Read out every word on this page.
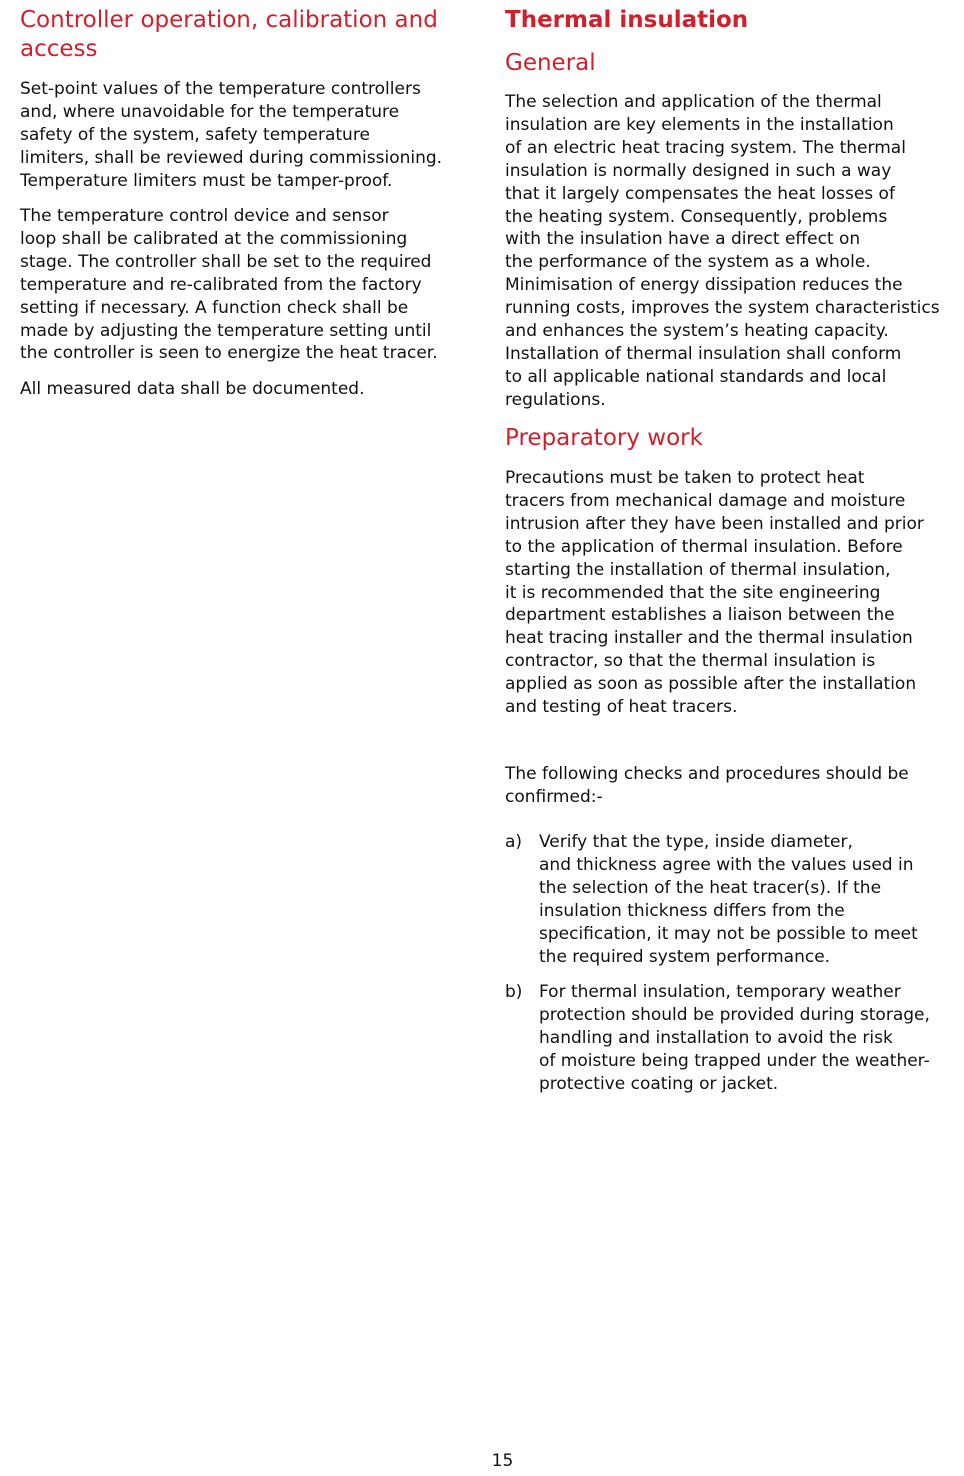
Controller operation, calibration and access

Set-point values of the temperature controllers
and, where unavoidable for the temperature
safety of the system, safety temperature
limiters, shall be reviewed during commissioning.
Temperature limiters must be tamper-proof.

The temperature control device and sensor
loop shall be calibrated at the commissioning
stage. The controller shall be set to the required
temperature and re-calibrated from the factory
setting if necessary. A function check shall be
made by adjusting the temperature setting until
the controller is seen to energize the heat tracer.

All measured data shall be documented.

Thermal insulation
General

The selection and application of the thermal
insulation are key elements in the installation
of an electric heat tracing system. The thermal
insulation is normally designed in such a way
that it largely compensates the heat losses of
the heating system. Consequently, problems
with the insulation have a direct effect on
the performance of the system as a whole.
Minimisation of energy dissipation reduces the
running costs, improves the system characteristics
and enhances the system’s heating capacity.
Installation of thermal insulation shall conform
to all applicable national standards and local
regulations.

Preparatory work

Precautions must be taken to protect heat
tracers from mechanical damage and moisture
intrusion after they have been installed and prior
to the application of thermal insulation. Before
starting the installation of thermal insulation,
it is recommended that the site engineering
department establishes a liaison between the
heat tracing installer and the thermal insulation
contractor, so that the thermal insulation is
applied as soon as possible after the installation
and testing of heat tracers.

The following checks and procedures should be
confirmed:-

a) Verify that the type, inside diameter,
and thickness agree with the values used in
the selection of the heat tracer(s). If the
insulation thickness differs from the
specification, it may not be possible to meet
the required system performance.
b) For thermal insulation, temporary weather
protection should be provided during storage,
handling and installation to avoid the risk
of moisture being trapped under the weather-
protective coating or jacket.
15
